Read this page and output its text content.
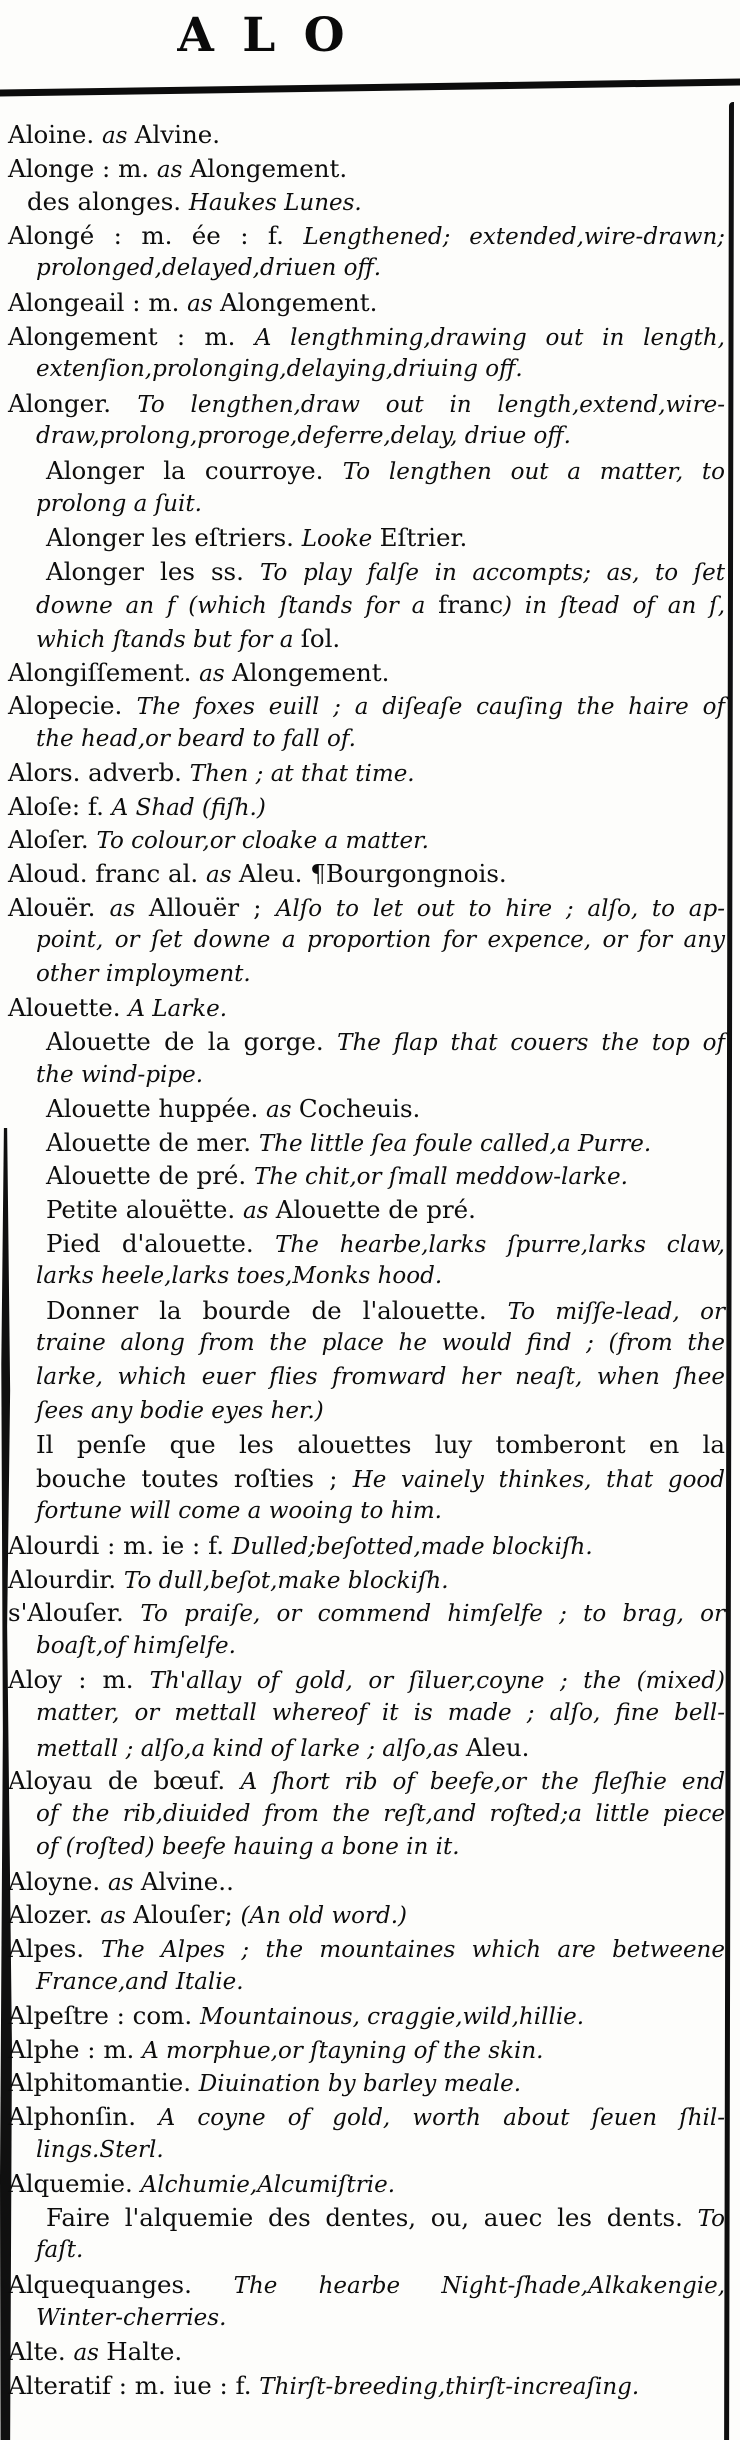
A L O
Aloine. as Alvine.
Alonge : m. as Alongement.
des alonges. Haukes Lunes.
Alongé : m. ée : f. Lengthened; extended,wire-drawn;
prolonged,delayed,driuen off.
Alongeail : m. as Alongement.
Alongement : m. A lengthming,drawing out in length,
extenſion,prolonging,delaying,driuing off.
Alonger. To lengthen,draw out in length,extend,wire-
draw,prolong,proroge,deferre,delay, driue off.
Alonger la courroye. To lengthen out a matter, to
prolong a ſuit.
Alonger les eſtriers. Looke Eſtrier.
Alonger les ss. To play falſe in accompts; as, to ſet
downe an f (which ſtands for a franc) in ſtead of an ſ,
which ſtands but for a ſol.
Alongiſſement. as Alongement.
Alopecie. The foxes euill ; a diſeaſe cauſing the haire of
the head,or beard to fall of.
Alors. adverb. Then ; at that time.
Aloſe: f. A Shad (fiſh.)
Aloſer. To colour,or cloake a matter.
Aloud. franc al. as Aleu. ¶Bourgongnois.
Alouër. as Allouër ; Alſo to let out to hire ; alſo, to ap-
point, or ſet downe a proportion for expence, or for any
other imployment.
Alouette. A Larke.
Alouette de la gorge. The flap that couers the top of
the wind-pipe.
Alouette huppée. as Cocheuis.
Alouette de mer. The little ſea foule called,a Purre.
Alouette de pré. The chit,or ſmall meddow-larke.
Petite alouëtte. as Alouette de pré.
Pied d'alouette. The hearbe,larks ſpurre,larks claw,
larks heele,larks toes,Monks hood.
Donner la bourde de l'alouette. To miſſe-lead, or
traine along from the place he would find ; (from the
larke, which euer flies fromward her neaſt, when ſhee
ſees any bodie eyes her.)
Il penſe que les alouettes luy tomberont en la
bouche toutes roſties ; He vainely thinkes, that good
fortune will come a wooing to him.
Alourdi : m. ie : f. Dulled;beſotted,made blockiſh.
Alourdir. To dull,beſot,make blockiſh.
s'Alouſer. To praiſe, or commend himſelfe ; to brag, or
boaſt,of himſelfe.
Aloy : m. Th'allay of gold, or ſiluer,coyne ; the (mixed)
matter, or mettall whereof it is made ; alſo, fine bell-
mettall ; alſo,a kind of larke ; alſo,as Aleu.
Aloyau de bœuf. A ſhort rib of beefe,or the fleſhie end
of the rib,diuided from the reſt,and roſted;a little piece
of (roſted) beefe hauing a bone in it.
Aloyne. as Alvine..
Alozer. as Alouſer; (An old word.)
Alpes. The Alpes ; the mountaines which are betweene
France,and Italie.
Alpeſtre : com. Mountainous, craggie,wild,hillie.
Alphe : m. A morphue,or ſtayning of the skin.
Alphitomantie. Diuination by barley meale.
Alphonſin. A coyne of gold, worth about ſeuen ſhil-
lings.Sterl.
Alquemie. Alchumie,Alcumiſtrie.
Faire l'alquemie des dentes, ou, auec les dents. To
faſt.
Alquequanges. The hearbe Night-ſhade,Alkakengie,
Winter-cherries.
Alte. as Halte.
Alteratif : m. iue : f. Thirſt-breeding,thirſt-increaſing.
